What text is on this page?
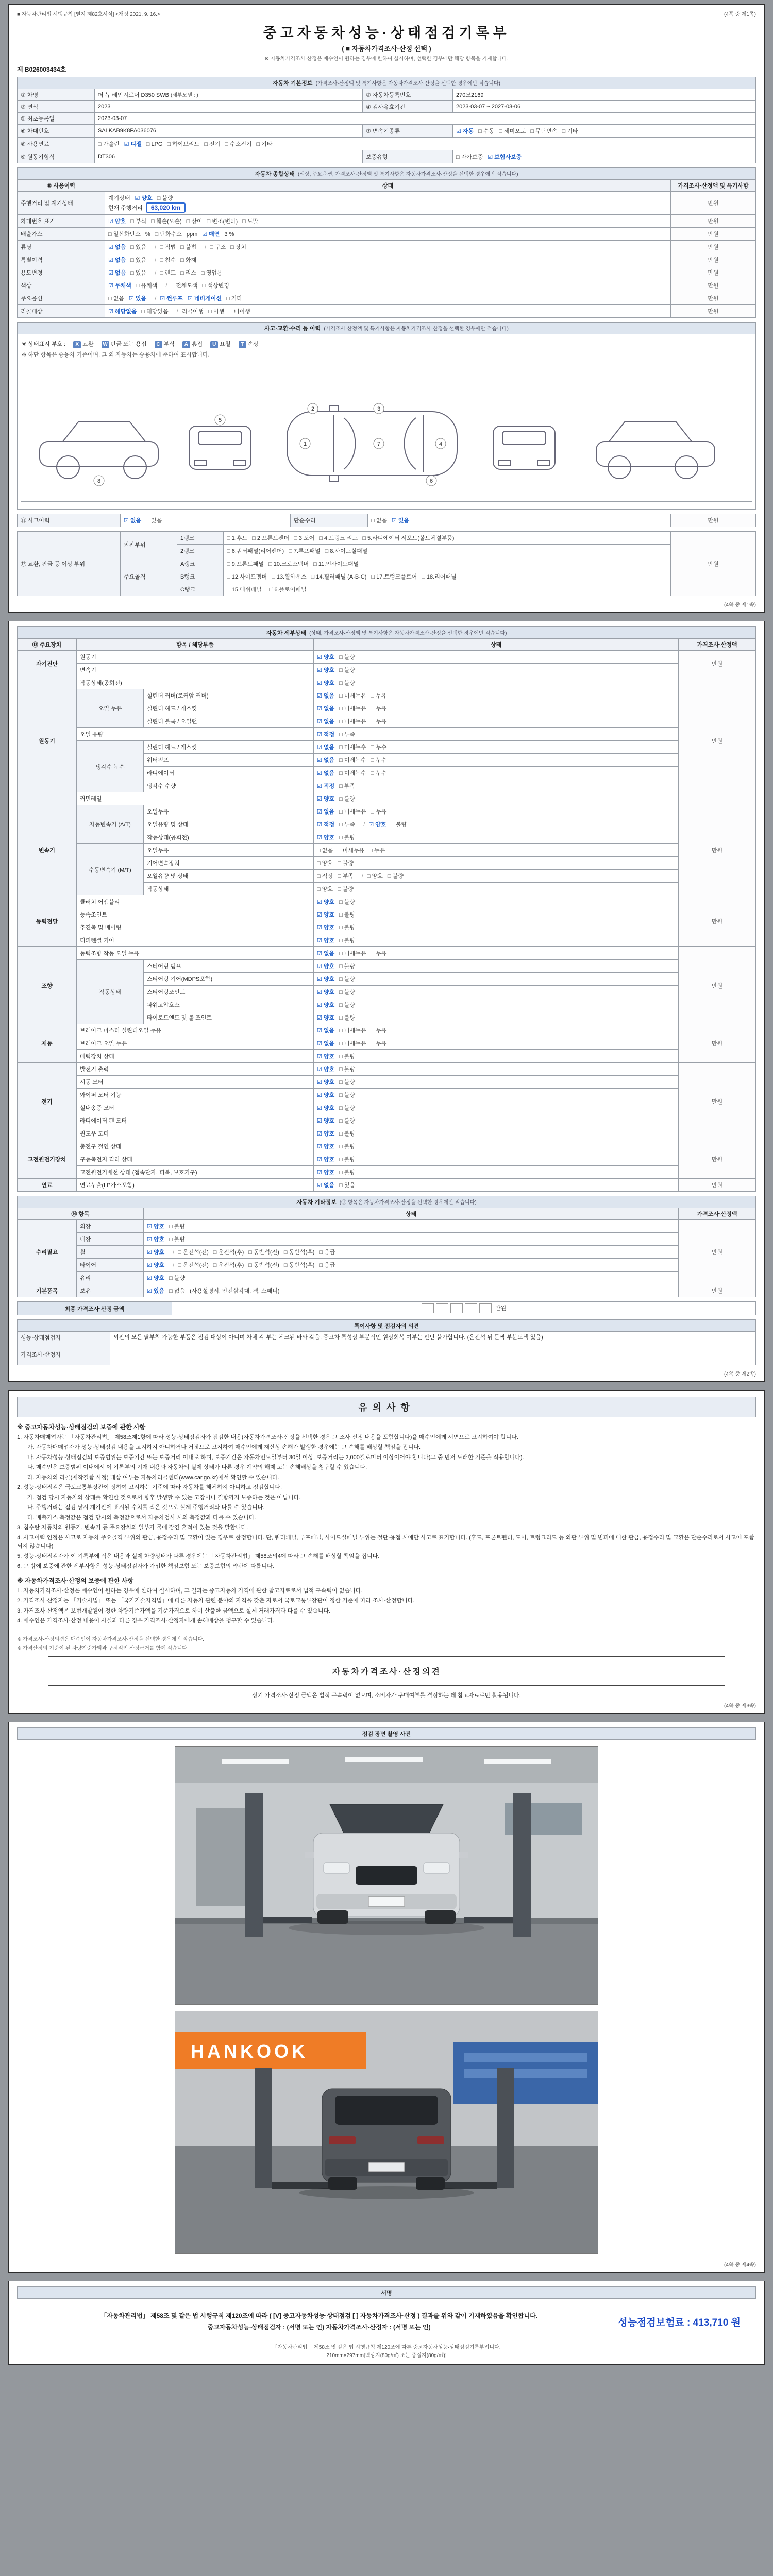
■ 자동차관리법 시행규칙 [별지 제82호서식] <개정 2021. 9. 16.>	(4쪽 중 제1쪽)
중고자동차성능·상태점검기록부
( ■ 자동차가격조사·산정 선택 )
※ 자동차가격조사·산정은 매수인이 원하는 경우에 한하여 실시하며, 선택한 경우에만 해당 항목을 기재합니다.
제 B026003434호
자동차 기본정보 (가격조사·산정액 및 특기사항은 자동차가격조사·산정을 선택한 경우에만 적습니다)			
① 차명	더 뉴 레인지로버 D350 SWB (세부모델 : )	② 자동차등록번호	270모2169
③ 연식	2023	④ 검사유효기간	2023-03-07 ~ 2027-03-06
⑤ 최초등록일	2023-03-07		
⑥ 차대번호	SALKAB9K8PA036076	⑦ 변속기종류	☑ 자동 □ 수동 □ 세미오토 □ 무단변속 □ 기타
⑧ 사용연료	□ 가솔린 ☑ 디젤 □ LPG □ 하이브리드 □ 전기 □ 수소전기 □ 기타		
⑨ 원동기형식	DT306	보증유형	□ 자가보증 ☑ 보험사보증
자동차 종합상태 (색상, 주요옵션, 가격조사·산정액 및 특기사항은 자동차가격조사·산정을 선택한 경우에만 적습니다)		
⑩ 사용이력	상태	가격조사·산정액 및 특기사항
주행거리 및 계기상태	계기상태 ☑ 양호 □ 불량
현재 주행거리 63,020 km	만원
차대번호 표기	☑ 양호 □ 부식 □ 훼손(오손) □ 상이 □ 변조(변타) □ 도말	만원
배출가스	□ 일산화탄소 % □ 탄화수소 ppm ☑ 매연 3 %	만원
튜닝	☑ 없음 □ 있음 / □ 적법 □ 불법 / □ 구조 □ 장치	만원
특별이력	☑ 없음 □ 있음 / □ 침수 □ 화재	만원
용도변경	☑ 없음 □ 있음 / □ 렌트 □ 리스 □ 영업용	만원
색상	☑ 무채색 □ 유채색 / □ 전체도색 □ 색상변경	만원
주요옵션	□ 없음 ☑ 있음 / ☑ 썬루프 ☑ 네비게이션 □ 기타	만원
리콜대상	☑ 해당없음 □ 해당있음 / 리콜이행 □ 이행 □ 미이행	만원
사고·교환·수리 등 이력 (가격조사·산정액 및 특기사항은 자동차가격조사·산정을 선택한 경우에만 적습니다)

※ 상태표시 부호 : X 교환 W 판금 또는 용접 C 부식 A 흠집 U 요철 T 손상
※ 하단 항목은 승용차 기준이며, 그 외 자동차는 승용차에 준하여 표시합니다.
1
2	3
4
5
6
7
8
⑪ 사고이력	☑ 없음 □ 있음	단순수리	□ 없음 ☑ 있음	만원
⑫ 교환, 판금 등 이상 부위	외판부위	1랭크	□ 1.후드 □ 2.프론트펜더 □ 3.도어 □ 4.트렁크 리드 □ 5.라디에이터 서포트(볼트체결부품)	만원
		2랭크	□ 6.쿼터패널(리어펜더) □ 7.루프패널 □ 8.사이드실패널	
	주요골격	A랭크	□ 9.프론트패널 □ 10.크로스멤버 □ 11.인사이드패널	
		B랭크	□ 12.사이드멤버 □ 13.휠하우스 □ 14.필러패널 (A·B·C) □ 17.트렁크플로어 □ 18.리어패널	
		C랭크	□ 15.대쉬패널 □ 16.플로어패널	
(4쪽 중 제1쪽)
자동차 세부상태 (상태, 가격조사·산정액 및 특기사항은 자동차가격조사·산정을 선택한 경우에만 적습니다)				
⑬ 주요장치	항목 / 해당부품		상태	가격조사·산정액
자기진단	원동기		☑ 양호 □ 불량	만원
	변속기		☑ 양호 □ 불량	
원동기	작동상태(공회전)		☑ 양호 □ 불량	만원
	오일 누유	실린더 커버(로커암 커버)	☑ 없음 □ 미세누유 □ 누유	
		실린더 헤드 / 개스킷	☑ 없음 □ 미세누유 □ 누유	
		실린더 블록 / 오일팬	☑ 없음 □ 미세누유 □ 누유	
	오일 유량		☑ 적정 □ 부족	
	냉각수 누수	실린더 헤드 / 개스킷	☑ 없음 □ 미세누수 □ 누수	
		워터펌프	☑ 없음 □ 미세누수 □ 누수	
		라디에이터	☑ 없음 □ 미세누수 □ 누수	
		냉각수 수량	☑ 적정 □ 부족	
	커먼레일		☑ 양호 □ 불량	
변속기	자동변속기 (A/T)	오일누유	☑ 없음 □ 미세누유 □ 누유	만원
		오일유량 및 상태	☑ 적정 □ 부족 / ☑ 양호 □ 불량	
		작동상태(공회전)	☑ 양호 □ 불량	
	수동변속기 (M/T)	오일누유	□ 없음 □ 미세누유 □ 누유	
		기어변속장치	□ 양호 □ 불량	
		오일유량 및 상태	□ 적정 □ 부족 / □ 양호 □ 불량	
		작동상태	□ 양호 □ 불량	
동력전달	클러치 어셈블리		☑ 양호 □ 불량	만원
	등속조인트		☑ 양호 □ 불량	
	추진축 및 베어링		☑ 양호 □ 불량	
	디퍼렌셜 기어		☑ 양호 □ 불량	
조향	동력조향 작동 오일 누유		☑ 없음 □ 미세누유 □ 누유	만원
	작동상태	스티어링 펌프	☑ 양호 □ 불량	
		스티어링 기어(MDPS포함)	☑ 양호 □ 불량	
		스티어링조인트	☑ 양호 □ 불량	
		파워고압호스	☑ 양호 □ 불량	
		타이로드엔드 및 볼 조인트	☑ 양호 □ 불량	
제동	브레이크 마스터 실린더오일 누유		☑ 없음 □ 미세누유 □ 누유	만원
	브레이크 오일 누유		☑ 없음 □ 미세누유 □ 누유	
	배력장치 상태		☑ 양호 □ 불량	
전기	발전기 출력		☑ 양호 □ 불량	만원
	시동 모터		☑ 양호 □ 불량	
	와이퍼 모터 기능		☑ 양호 □ 불량	
	실내송풍 모터		☑ 양호 □ 불량	
	라디에이터 팬 모터		☑ 양호 □ 불량	
	윈도우 모터		☑ 양호 □ 불량	
고전원전기장치	충전구 절연 상태		☑ 양호 □ 불량	만원
	구동축전지 격리 상태		☑ 양호 □ 불량	
	고전원전기배선 상태 (접속단자, 피복, 보호기구)		☑ 양호 □ 불량	
연료	연료누출(LP가스포함)		☑ 없음 □ 있음	만원
자동차 기타정보 (⑭ 항목은 자동차가격조사·산정을 선택한 경우에만 적습니다)			
⑭ 항목		상태	가격조사·산정액
수리필요	외장	☑ 양호 □ 불량	만원
	내장	☑ 양호 □ 불량	
	휠	☑ 양호 / □ 운전석(전) □ 운전석(후) □ 동반석(전) □ 동반석(후) □ 응급	
	타이어	☑ 양호 / □ 운전석(전) □ 운전석(후) □ 동반석(전) □ 동반석(후) □ 응급	
	유리	☑ 양호 □ 불량	
기본품목	보유	☑ 있음 □ 없음 (사용설명서, 안전삼각대, 잭, 스패너)	만원
최종 가격조사·산정 금액	만원
특이사항 및 점검자의 의견	
성능·상태점검자	외판의 모든 탈부착 가능한 부품은 점검 대상이 아니며 차체 각 부는 체크된 바와 같음. 중고차 특성상 부분적인 원상회복 여부는 판단 불가합니다. (운전석 뒤 문짝 부분도색 있음)
가격조사·산정자	
(4쪽 중 제2쪽)
유의사항
※ 중고자동차성능·상태점검의 보증에 관한 사항

1. 자동차매매업자는 「자동차관리법」 제58조제1항에 따라 성능·상태점검자가 점검한 내용(자동차가격조사·산정을 선택한 경우 그 조사·산정 내용을 포함합니다)을 매수인에게 서면으로 고지하여야 합니다.

가. 자동차매매업자가 성능·상태점검 내용을 고지하지 아니하거나 거짓으로 고지하여 매수인에게 재산상 손해가 발생한 경우에는 그 손해를 배상할 책임을 집니다.

나. 자동차성능·상태점검의 보증범위는 보증기간 또는 보증거리 이내로 하며, 보증기간은 자동차인도일부터 30일 이상, 보증거리는 2,000킬로미터 이상이어야 합니다(그 중 먼저 도래한 기준을 적용합니다).

다. 매수인은 보증범위 이내에서 이 기록부의 기재 내용과 자동차의 실제 상태가 다른 경우 계약의 해제 또는 손해배상을 청구할 수 있습니다.

라. 자동차의 리콜(제작결함 시정) 대상 여부는 자동차리콜센터(www.car.go.kr)에서 확인할 수 있습니다.

2. 성능·상태점검은 국토교통부장관이 정하여 고시하는 기준에 따라 자동차를 해체하지 아니하고 점검합니다.

가. 점검 당시 자동차의 상태를 확인한 것으로서 향후 발생할 수 있는 고장이나 결함까지 보증하는 것은 아닙니다.

나. 주행거리는 점검 당시 계기판에 표시된 수치를 적은 것으로 실제 주행거리와 다를 수 있습니다.

다. 배출가스 측정값은 점검 당시의 측정값으로서 자동차검사 시의 측정값과 다를 수 있습니다.

3. 침수란 자동차의 원동기, 변속기 등 주요장치의 일부가 물에 잠긴 흔적이 있는 것을 말합니다.

4. 사고이력 인정은 사고로 자동차 주요골격 부위의 판금, 용접수리 및 교환이 있는 경우로 한정합니다. 단, 쿼터패널, 루프패널, 사이드실패널 부위는 절단·용접 시에만 사고로 표기합니다. (후드, 프론트펜더, 도어, 트렁크리드 등 외판 부위 및 범퍼에 대한 판금, 용접수리 및 교환은 단순수리로서 사고에 포함되지 않습니다)

5. 성능·상태점검자가 이 기록부에 적은 내용과 실제 차량상태가 다른 경우에는 「자동차관리법」 제58조의4에 따라 그 손해를 배상할 책임을 집니다.

6. 그 밖에 보증에 관한 세부사항은 성능·상태점검자가 가입한 책임보험 또는 보증보험의 약관에 따릅니다.

※ 자동차가격조사·산정의 보증에 관한 사항

1. 자동차가격조사·산정은 매수인이 원하는 경우에 한하여 실시하며, 그 결과는 중고자동차 가격에 관한 참고자료로서 법적 구속력이 없습니다.

2. 가격조사·산정자는 「기술사법」 또는 「국가기술자격법」에 따른 자동차 관련 분야의 자격을 갖춘 자로서 국토교통부장관이 정한 기준에 따라 조사·산정합니다.

3. 가격조사·산정액은 보험개발원이 정한 차량기준가액을 기준가격으로 하여 산출한 금액으로 실제 거래가격과 다를 수 있습니다.

4. 매수인은 가격조사·산정 내용이 사실과 다른 경우 가격조사·산정자에게 손해배상을 청구할 수 있습니다.

※ 가격조사·산정의견은 매수인이 자동차가격조사·산정을 선택한 경우에만 적습니다.
※ 가격산정의 기준이 된 차량기준가액과 구체적인 산정근거를 함께 적습니다.
자동차가격조사·산정의견
상기 가격조사·산정 금액은 법적 구속력이 없으며, 소비자가 구매여부를 결정하는 데 참고자료로만 활용됩니다.
(4쪽 중 제3쪽)
점검 장면 촬영 사진
HANKOOK
(4쪽 중 제4쪽)
서명
「자동차관리법」 제58조 및 같은 법 시행규칙 제120조에 따라 ( [V] 중고자동차성능·상태점검 [ ] 자동차가격조사·산정 ) 결과를 위와 같이 기재하였음을 확인합니다.
중고자동차성능·상태점검자 : (서명 또는 인) 자동차가격조사·산정자 : (서명 또는 인)	성능점검보험료 : 413,710 원
「자동차관리법」 제58조 및 같은 법 시행규칙 제120조에 따른 중고자동차성능·상태점검기록부입니다.
210mm×297mm[백상지(80g/㎡) 또는 중질지(80g/㎡)]
